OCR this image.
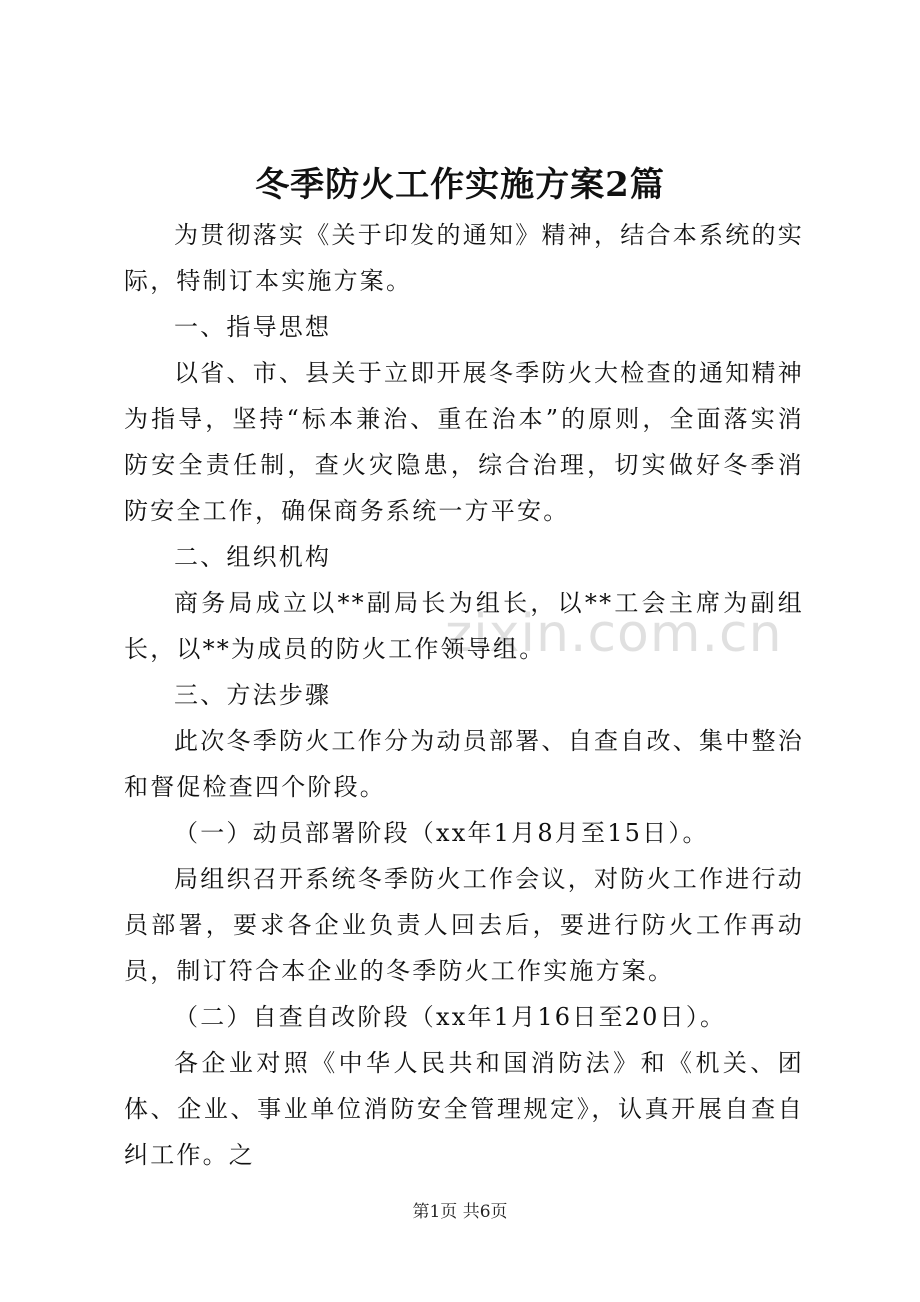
冬季防火工作实施方案2篇

为贯彻落实《关于印发的通知》精神，结合本系统的实际，特制订本实施方案。

一、指导思想

以省、市、县关于立即开展冬季防火大检查的通知精神为指导，坚持“标本兼治、重在治本”的原则，全面落实消防安全责任制，查火灾隐患，综合治理，切实做好冬季消防安全工作，确保商务系统一方平安。

二、组织机构

商务局成立以**副局长为组长，以**工会主席为副组长，以**为成员的防火工作领导组。

三、方法步骤

此次冬季防火工作分为动员部署、自查自改、集中整治和督促检查四个阶段。

（一）动员部署阶段（xx年1月8月至15日）。

局组织召开系统冬季防火工作会议，对防火工作进行动员部署，要求各企业负责人回去后，要进行防火工作再动员，制订符合本企业的冬季防火工作实施方案。

（二）自查自改阶段（xx年1月16日至20日）。

各企业对照《中华人民共和国消防法》和《机关、团体、企业、事业单位消防安全管理规定》，认真开展自查自纠工作。之

zixin.com.cn
第1页 共6页
